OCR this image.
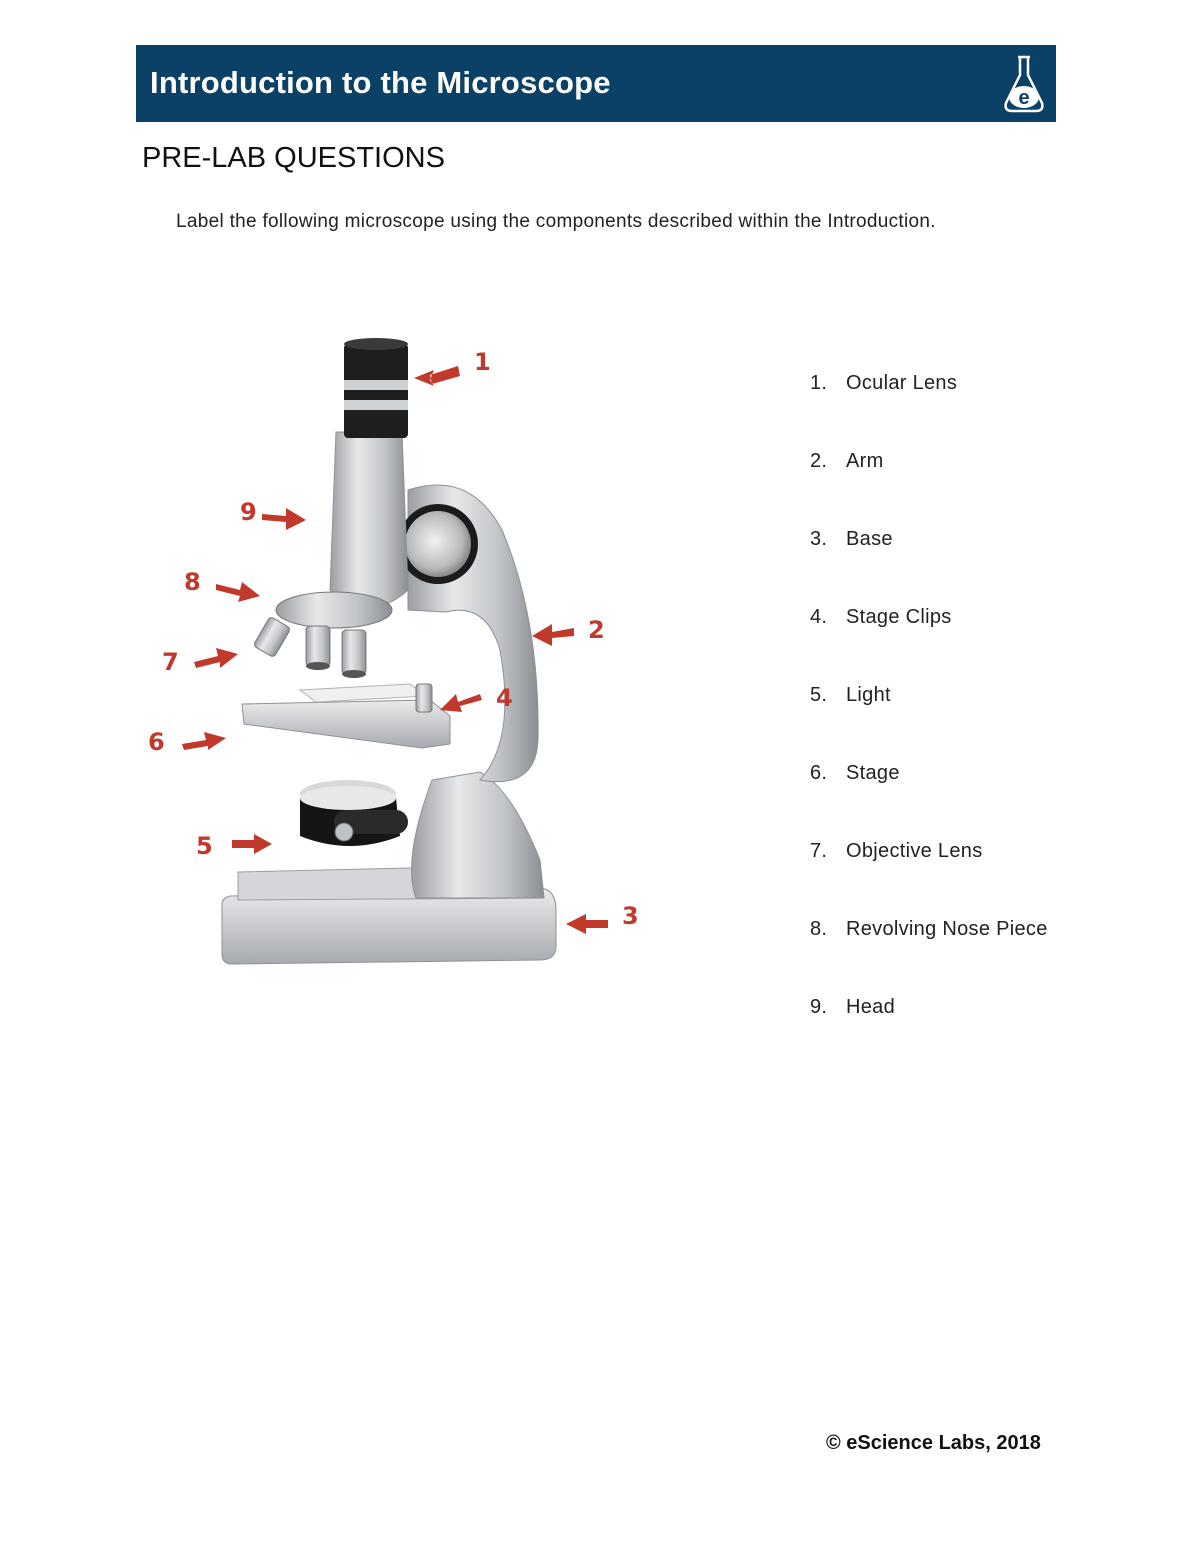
Introduction to the Microscope	e
PRE-LAB QUESTIONS
Label the following microscope using the components described within the Introduction.
1
2
3
4
5
6
7
8
9
1. Ocular Lens
2. Arm
3. Base
4. Stage Clips
5. Light
6. Stage
7. Objective Lens
8. Revolving Nose Piece
9. Head
© eScience Labs, 2018
